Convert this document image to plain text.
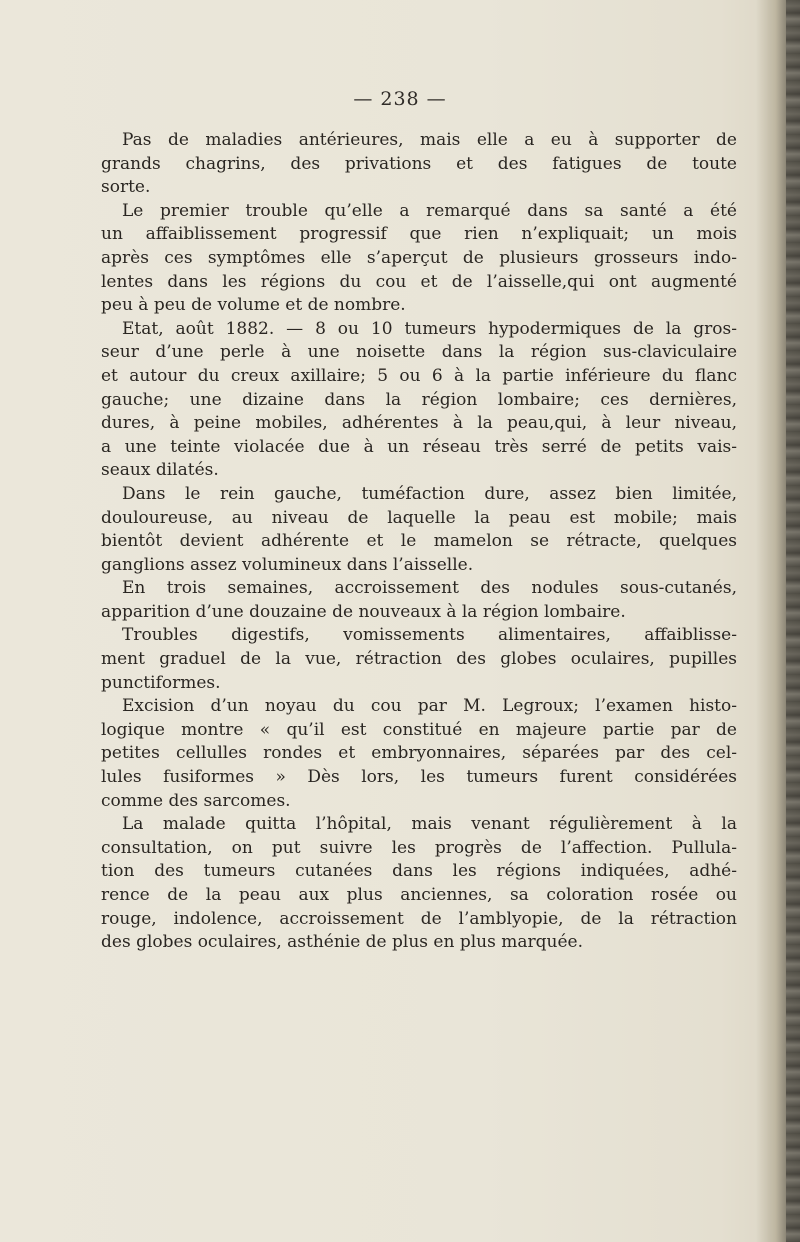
— 238 —
Pas de maladies antérieures, mais elle a eu à supporter de
grands chagrins, des privations et des fatigues de toute
sorte.
Le premier trouble qu’elle a remarqué dans sa santé a été
un affaiblissement progressif que rien n’expliquait; un mois
après ces symptômes elle s’aperçut de plusieurs grosseurs indo-
lentes dans les régions du cou et de l’aisselle,qui ont augmenté
peu à peu de volume et de nombre.
Etat, août 1882. — 8 ou 10 tumeurs hypodermiques de la gros-
seur d’une perle à une noisette dans la région sus-claviculaire
et autour du creux axillaire; 5 ou 6 à la partie inférieure du flanc
gauche; une dizaine dans la région lombaire; ces dernières,
dures, à peine mobiles, adhérentes à la peau,qui, à leur niveau,
a une teinte violacée due à un réseau très serré de petits vais-
seaux dilatés.
Dans le rein gauche, tuméfaction dure, assez bien limitée,
douloureuse, au niveau de laquelle la peau est mobile; mais
bientôt devient adhérente et le mamelon se rétracte, quelques
ganglions assez volumineux dans l’aisselle.
En trois semaines, accroissement des nodules sous-cutanés,
apparition d’une douzaine de nouveaux à la région lombaire.
Troubles digestifs, vomissements alimentaires, affaiblisse-
ment graduel de la vue, rétraction des globes oculaires, pupilles
punctiformes.
Excision d’un noyau du cou par M. Legroux; l’examen histo-
logique montre « qu’il est constitué en majeure partie par de
petites cellulles rondes et embryonnaires, séparées par des cel-
lules fusiformes » Dès lors, les tumeurs furent considérées
comme des sarcomes.
La malade quitta l’hôpital, mais venant régulièrement à la
consultation, on put suivre les progrès de l’affection. Pullula-
tion des tumeurs cutanées dans les régions indiquées, adhé-
rence de la peau aux plus anciennes, sa coloration rosée ou
rouge, indolence, accroissement de l’amblyopie, de la rétraction
des globes oculaires, asthénie de plus en plus marquée.
